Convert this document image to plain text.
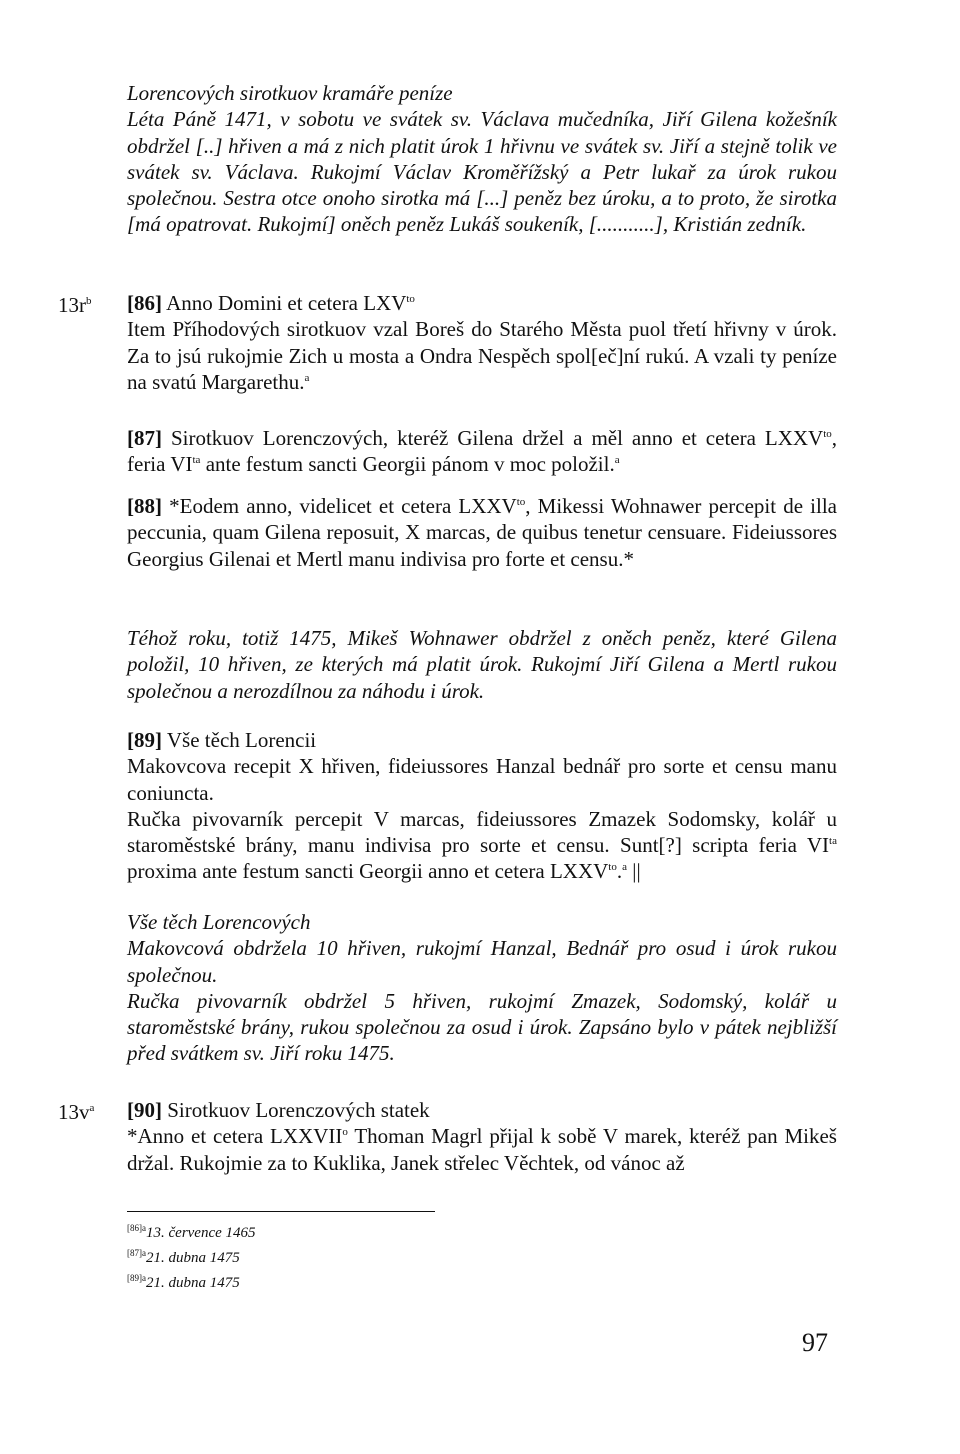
Lorencových sirotkuov kramáře peníze

Léta Páně 1471, v sobotu ve svátek sv. Václava mučedníka, Jiří Gilena kožešník obdržel [..] hřiven a má z nich platit úrok 1 hřivnu ve svátek sv. Jiří a stejně tolik ve svátek sv. Václava. Rukojmí Václav Kroměřížský a Petr lukař za úrok rukou společnou. Sestra otce onoho sirotka má [...] peněz bez úroku, a to proto, že sirotka [má opatrovat. Rukojmí] oněch peněz Lukáš soukeník, [...........], Kristián zedník.

$13r^b$ [86] Anno Domini et cetera $LXV^{to}$

Item Příhodových sirotkuov vzal Boreš do Starého Města puol třetí hřivny v úrok. Za to jsú rukojmie Zich u mosta a Ondra Nespěch spol[eč]ní rukú. A vzali ty peníze na svatú Margarethu.$^a$

[87] Sirotkuov Lorenczových, kteréž Gilena držel a měl anno et cetera $LXXV^{to}$, feria $VI^{ta}$ ante festum sancti Georgii pánom v moc položil.$^a$

[88] *Eodem anno, videlicet et cetera $LXXV^{to}$, Mikessi Wohnawer percepit de illa peccunia, quam Gilena reposuit, X marcas, de quibus tenetur censuare. Fideiussores Georgius Gilenai et Mertl manu indivisa pro forte et censu.*

Téhož roku, totiž 1475, Mikeš Wohnawer obdržel z oněch peněz, které Gilena položil, 10 hřiven, ze kterých má platit úrok. Rukojmí Jiří Gilena a Mertl rukou společnou a nerozdílnou za náhodu i úrok.

[89] Vše těch Lorencii

Makovcova recepit X hřiven, fideiussores Hanzal bednář pro sorte et censu manu coniuncta.

Ručka pivovarník percepit V marcas, fideiussores Zmazek Sodomsky, kolář u staroměstské brány, manu indivisa pro sorte et censu. Sunt[?] scripta feria $VI^{ta}$ proxima ante festum sancti Georgii anno et cetera $LXXV^{to}.^a$ ||

Vše těch Lorencových

Makovcová obdržela 10 hřiven, rukojmí Hanzal, Bednář pro osud i úrok rukou společnou.

Ručka pivovarník obdržel 5 hřiven, rukojmí Zmazek, Sodomský, kolář u staroměstské brány, rukou společnou za osud i úrok. Zapsáno bylo v pátek nejbližší před svátkem sv. Jiří roku 1475.

$13v^a$ [90] Sirotkuov Lorenczových statek

*Anno et cetera LXXVII$^o$ Thoman Magrl přijal k sobě V marek, kteréž pan Mikeš držal. Rukojmie za to Kuklika, Janek střelec Věchtek, od vánoc až

$^{[86]a}$13. července 1465
$^{[87]a}$21. dubna 1475
$^{[89]a}$21. dubna 1475
97
